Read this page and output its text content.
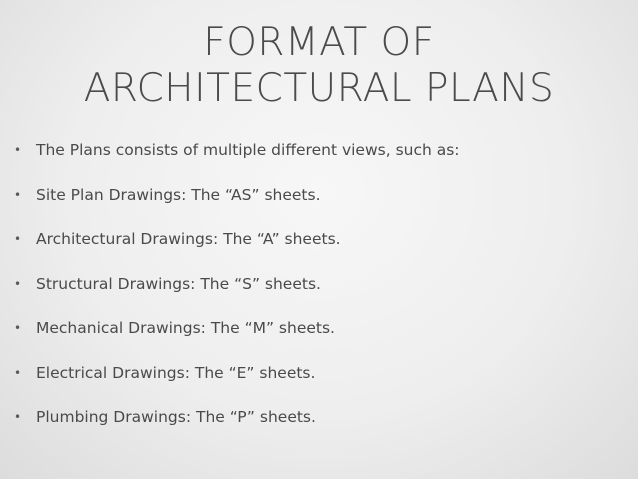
FORMAT OF
ARCHITECTURAL PLANS
• The Plans consists of multiple different views, such as:
• Site Plan Drawings: The “AS” sheets.
• Architectural Drawings: The “A” sheets.
• Structural Drawings: The “S” sheets.
• Mechanical Drawings: The “M” sheets.
• Electrical Drawings: The “E” sheets.
• Plumbing Drawings: The “P” sheets.
